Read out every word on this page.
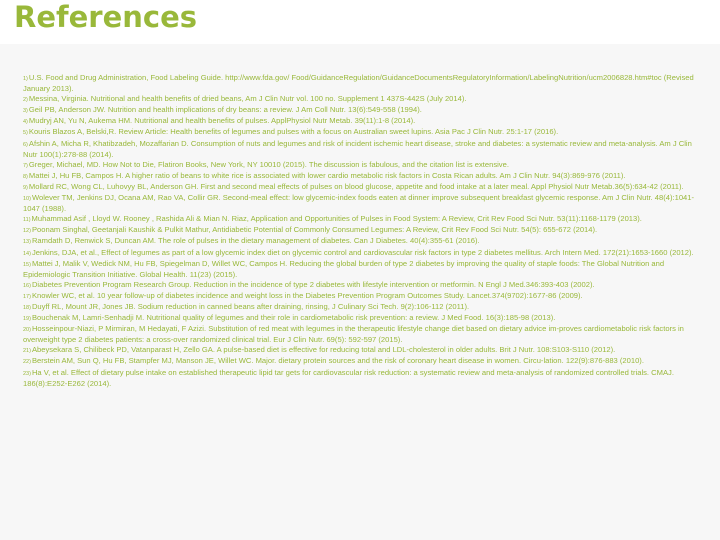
References
1)U.S. Food and Drug Administration, Food Labeling Guide. http://www.fda.gov/ Food/GuidanceRegulation/GuidanceDocumentsRegulatoryInformation/LabelingNutrition/ucm2006828.htm#toc (Revised January 2013).
2)Messina, Virginia. Nutritional and health benefits of dried beans, Am J Clin Nutr vol. 100 no. Supplement 1 437S-442S (July 2014).
3)Geil PB, Anderson JW. Nutrition and health implications of dry beans: a review. J Am Coll Nutr. 13(6):549-558 (1994).
4)Mudryj AN, Yu N, Aukema HM. Nutritional and health benefits of pulses. ApplPhysiol Nutr Metab. 39(11):1-8 (2014).
5)Kouris Blazos A, Belski,R. Review Article: Health benefits of legumes and pulses with a focus on Australian sweet lupins. Asia Pac J Clin Nutr. 25:1-17 (2016).
6)Afshin A, Micha R, Khatibzadeh, Mozaffarian D. Consumption of nuts and legumes and risk of incident ischemic heart disease, stroke and diabetes: a systematic review and meta-analysis. Am J Clin Nutr 100(1):278-88 (2014).
7)Greger, Michael, MD. How Not to Die, Flatiron Books, New York, NY 10010 (2015). The discussion is fabulous, and the citation list is extensive.
8)Mattei J, Hu FB, Campos H. A higher ratio of beans to white rice is associated with lower cardio metabolic risk factors in Costa Rican adults. Am J Clin Nutr. 94(3):869-976 (2011).
9)Mollard RC, Wong CL, Luhovyy BL, Anderson GH. First and second meal effects of pulses on blood glucose, appetite and food intake at a later meal. Appl Physiol Nutr Metab.36(5):634-42 (2011).
10)Wolever TM, Jenkins DJ, Ocana AM, Rao VA, Collir GR. Second-meal effect: low glycemic-index foods eaten at dinner improve subsequent breakfast glycemic response. Am J Clin Nutr. 48(4):1041-1047 (1988).
11)Muhammad Asif , Lloyd W. Rooney , Rashida Ali & Mian N. Riaz, Application and Opportunities of Pulses in Food System: A Review, Crit Rev Food Sci Nutr. 53(11):1168-1179 (2013).
12)Poonam Singhal, Geetanjali Kaushik & Pulkit Mathur, Antidiabetic Potential of Commonly Consumed Legumes: A Review, Crit Rev Food Sci Nutr. 54(5): 655-672 (2014).
13)Ramdath D, Renwick S, Duncan AM. The role of pulses in the dietary management of diabetes. Can J Diabetes. 40(4):355-61 (2016).
14)Jenkins, DJA, et al., Effect of legumes as part of a low glycemic index diet on glycemic control and cardiovascular risk factors in type 2 diabetes mellitus. Arch Intern Med. 172(21):1653-1660 (2012).
15)Mattei J, Malik V, Wedick NM, Hu FB, Spiegelman D, Willet WC, Campos H. Reducing the global burden of type 2 diabetes by improving the quality of staple foods: The Global Nutrition and Epidemiologic Transition Initiative. Global Health. 11(23) (2015).
16)Diabetes Prevention Program Research Group. Reduction in the incidence of type 2 diabetes with lifestyle intervention or metformin. N Engl J Med.346:393-403 (2002).
17)Knowler WC, et al. 10 year follow-up of diabetes incidence and weight loss in the Diabetes Prevention Program Outcomes Study. Lancet.374(9702):1677-86 (2009).
18)Duyff RL, Mount JR, Jones JB. Sodium reduction in canned beans after draining, rinsing, J Culinary Sci Tech. 9(2):106-112 (2011).
19)Bouchenak M, Lamri-Senhadji M. Nutritional quality of legumes and their role in cardiometabolic risk prevention: a review. J Med Food. 16(3):185-98 (2013).
20)Hosseinpour-Niazi, P Mirmiran, M Hedayati, F Azizi. Substitution of red meat with legumes in the therapeutic lifestyle change diet based on dietary advice im-proves cardiometabolic risk factors in overweight type 2 diabetes patients: a cross-over randomized clinical trial. Eur J Clin Nutr. 69(5): 592-597 (2015).
21)Abeysekara S, Chilibeck PD, Vatanparast H, Zello GA. A pulse-based diet is effective for reducing total and LDL-cholesterol in older adults. Brit J Nutr. 108:S103-S110 (2012).
22)Berstein AM, Sun Q, Hu FB, Stampfer MJ, Manson JE, Willet WC. Major. dietary protein sources and the risk of coronary heart disease in women. Circu-lation. 122(9):876-883 (2010).
23)Ha V, et al. Effect of dietary pulse intake on established therapeutic lipid tar gets for cardiovascular risk reduction: a systematic review and meta-analysis of randomized controlled trials. CMAJ. 186(8):E252-E262 (2014).
